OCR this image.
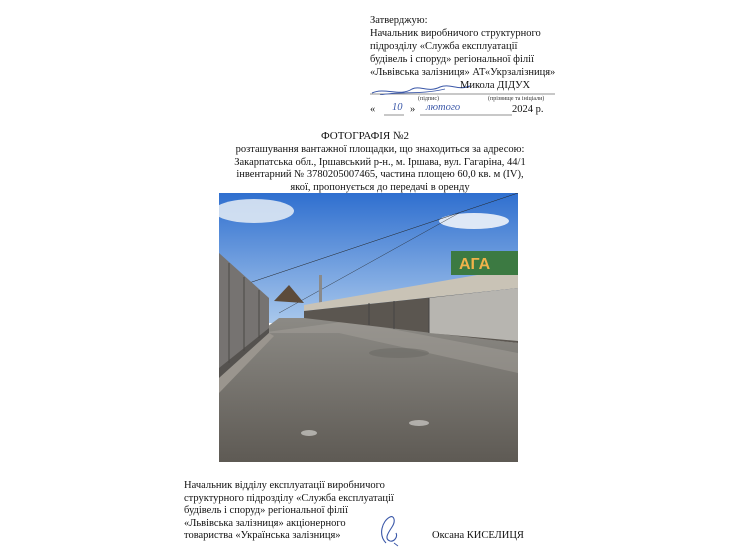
Затверджую:
Начальник виробничого структурного
підрозділу «Служба експлуатації
будівель і споруд» регіональної філії
«Львівська залізниця» АТ«Укрзалізниця»
Микола ДІДУХ
(підпис)	(прізвище та ініціали)
« 10 » лютого	2024 р.
ФОТОГРАФІЯ №2
розташування вантажної площадки, що знаходиться за адресою:
Закарпатська обл., Іршавський р-н., м. Іршава, вул. Гагаріна, 44/1
інвентарний № 3780205007465, частина площею 60,0 кв. м (IV),
якої, пропонується до передачі в оренду
АГА
Начальник відділу експлуатації виробничого
структурного підрозділу «Служба експлуатації
будівель і споруд» регіональної філії
«Львівська залізниця» акціонерного
товариства «Українська залізниця»	Оксана КИСЕЛИЦЯ
